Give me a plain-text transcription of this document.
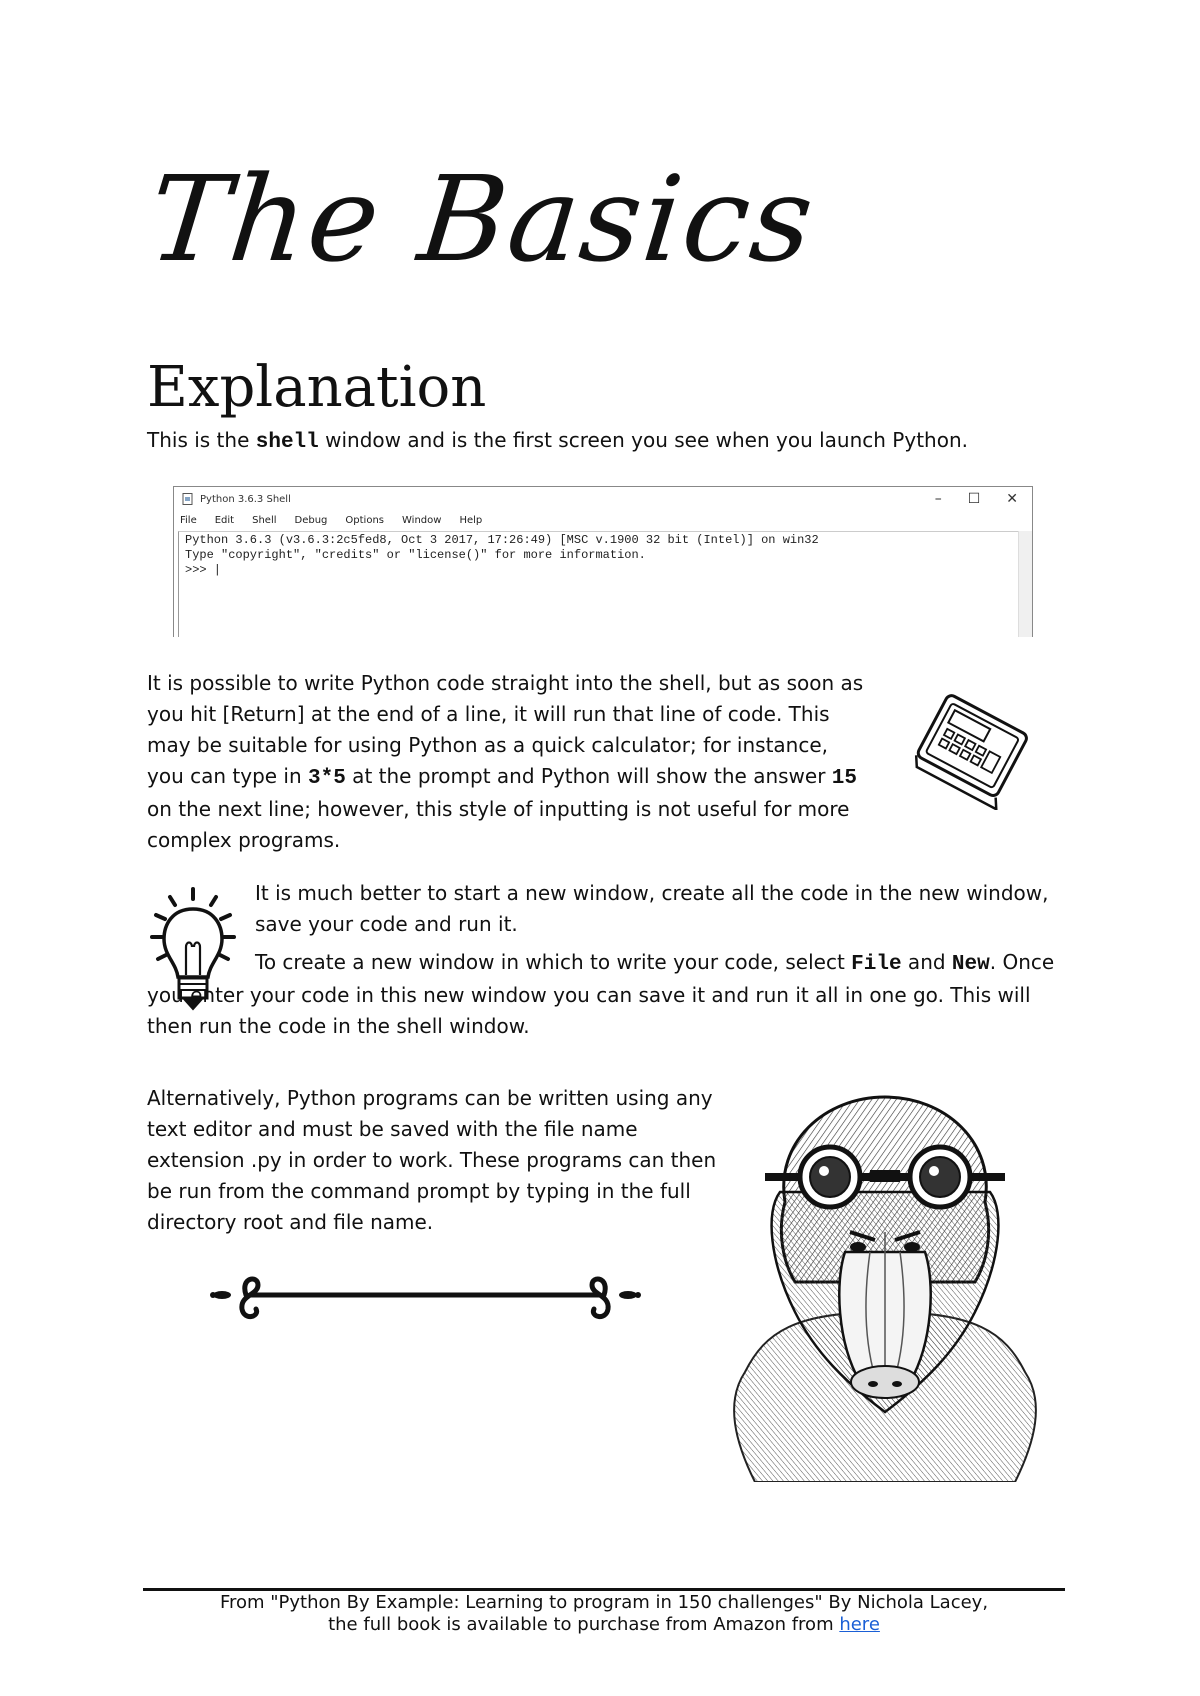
The Basics
Explanation
This is the shell window and is the first screen you see when you launch Python.
Python 3.6.3 Shell	– ☐ ✕
File Edit Shell Debug Options Window Help
Python 3.6.3 (v3.6.3:2c5fed8, Oct 3 2017, 17:26:49) [MSC v.1900 32 bit (Intel)] on win32
Type "copyright", "credits" or "license()" for more information.
>>> |
It is possible to write Python code straight into the shell, but as soon as you hit [Return] at the end of a line, it will run that line of code. This may be suitable for using Python as a quick calculator; for instance, you can type in 3*5 at the prompt and Python will show the answer 15 on the next line; however, this style of inputting is not useful for more complex programs.
It is much better to start a new window, create all the code in the new window, save your code and run it.
To create a new window in which to write your code, select File and New. Once you enter your code in this new window you can save it and run it all in one go. This will then run the code in the shell window.
Alternatively, Python programs can be written using any text editor and must be saved with the file name extension .py in order to work. These programs can then be run from the command prompt by typing in the full directory root and file name.
From "Python By Example: Learning to program in 150 challenges" By Nichola Lacey,
the full book is available to purchase from Amazon from here
